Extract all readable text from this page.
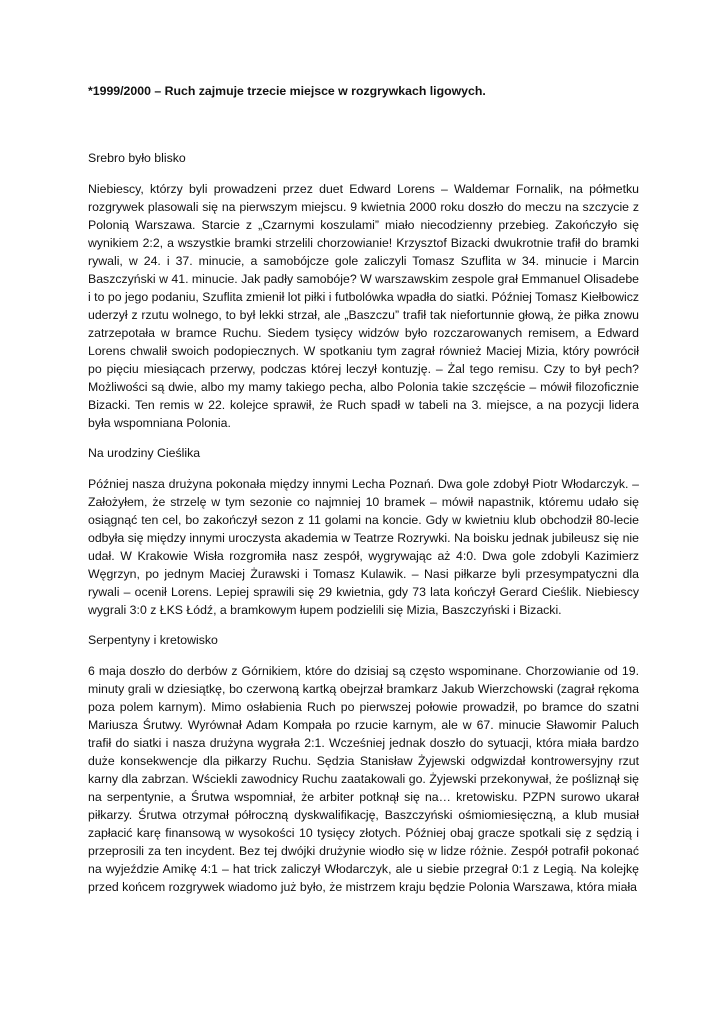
*1999/2000 – Ruch zajmuje trzecie miejsce w rozgrywkach ligowych.

Srebro było blisko

Niebiescy, którzy byli prowadzeni przez duet Edward Lorens – Waldemar Fornalik, na półmetku rozgrywek plasowali się na pierwszym miejscu. 9 kwietnia 2000 roku doszło do meczu na szczycie z Polonią Warszawa. Starcie z „Czarnymi koszulami” miało niecodzienny przebieg. Zakończyło się wynikiem 2:2, a wszystkie bramki strzelili chorzowianie! Krzysztof Bizacki dwukrotnie trafił do bramki rywali, w 24. i 37. minucie, a samobójcze gole zaliczyli Tomasz Szuflita w 34. minucie i Marcin Baszczyński w 41. minucie. Jak padły samobóje? W warszawskim zespole grał Emmanuel Olisadebe i to po jego podaniu, Szuflita zmienił lot piłki i futbolówka wpadła do siatki. Później Tomasz Kiełbowicz uderzył z rzutu wolnego, to był lekki strzał, ale „Baszczu” trafił tak niefortunnie głową, że piłka znowu zatrzepotała w bramce Ruchu. Siedem tysięcy widzów było rozczarowanych remisem, a Edward Lorens chwalił swoich podopiecznych. W spotkaniu tym zagrał również Maciej Mizia, który powrócił po pięciu miesiącach przerwy, podczas której leczył kontuzję. – Żal tego remisu. Czy to był pech? Możliwości są dwie, albo my mamy takiego pecha, albo Polonia takie szczęście – mówił filozoficznie Bizacki. Ten remis w 22. kolejce sprawił, że Ruch spadł w tabeli na 3. miejsce, a na pozycji lidera była wspomniana Polonia.

Na urodziny Cieślika

Później nasza drużyna pokonała między innymi Lecha Poznań. Dwa gole zdobył Piotr Włodarczyk. – Założyłem, że strzelę w tym sezonie co najmniej 10 bramek – mówił napastnik, któremu udało się osiągnąć ten cel, bo zakończył sezon z 11 golami na koncie. Gdy w kwietniu klub obchodził 80-lecie odbyła się między innymi uroczysta akademia w Teatrze Rozrywki. Na boisku jednak jubileusz się nie udał. W Krakowie Wisła rozgromiła nasz zespół, wygrywając aż 4:0. Dwa gole zdobyli Kazimierz Węgrzyn, po jednym Maciej Żurawski i Tomasz Kulawik. – Nasi piłkarze byli przesympatyczni dla rywali – ocenił Lorens. Lepiej sprawili się 29 kwietnia, gdy 73 lata kończył Gerard Cieślik. Niebiescy wygrali 3:0 z ŁKS Łódź, a bramkowym łupem podzielili się Mizia, Baszczyński i Bizacki.

Serpentyny i kretowisko

6 maja doszło do derbów z Górnikiem, które do dzisiaj są często wspominane. Chorzowianie od 19. minuty grali w dziesiątkę, bo czerwoną kartką obejrzał bramkarz Jakub Wierzchowski (zagrał rękoma poza polem karnym). Mimo osłabienia Ruch po pierwszej połowie prowadził, po bramce do szatni Mariusza Śrutwy. Wyrównał Adam Kompała po rzucie karnym, ale w 67. minucie Sławomir Paluch trafił do siatki i nasza drużyna wygrała 2:1. Wcześniej jednak doszło do sytuacji, która miała bardzo duże konsekwencje dla piłkarzy Ruchu. Sędzia Stanisław Żyjewski odgwizdał kontrowersyjny rzut karny dla zabrzan. Wściekli zawodnicy Ruchu zaatakowali go. Żyjewski przekonywał, że pośliznął się na serpentynie, a Śrutwa wspomniał, że arbiter potknął się na… kretowisku. PZPN surowo ukarał piłkarzy. Śrutwa otrzymał półroczną dyskwalifikację, Baszczyński ośmiomiesięczną, a klub musiał zapłacić karę finansową w wysokości 10 tysięcy złotych. Później obaj gracze spotkali się z sędzią i przeprosili za ten incydent. Bez tej dwójki drużynie wiodło się w lidze różnie. Zespół potrafił pokonać na wyjeździe Amikę 4:1 – hat trick zaliczył Włodarczyk, ale u siebie przegrał 0:1 z Legią. Na kolejkę przed końcem rozgrywek wiadomo już było, że mistrzem kraju będzie Polonia Warszawa, która miała
